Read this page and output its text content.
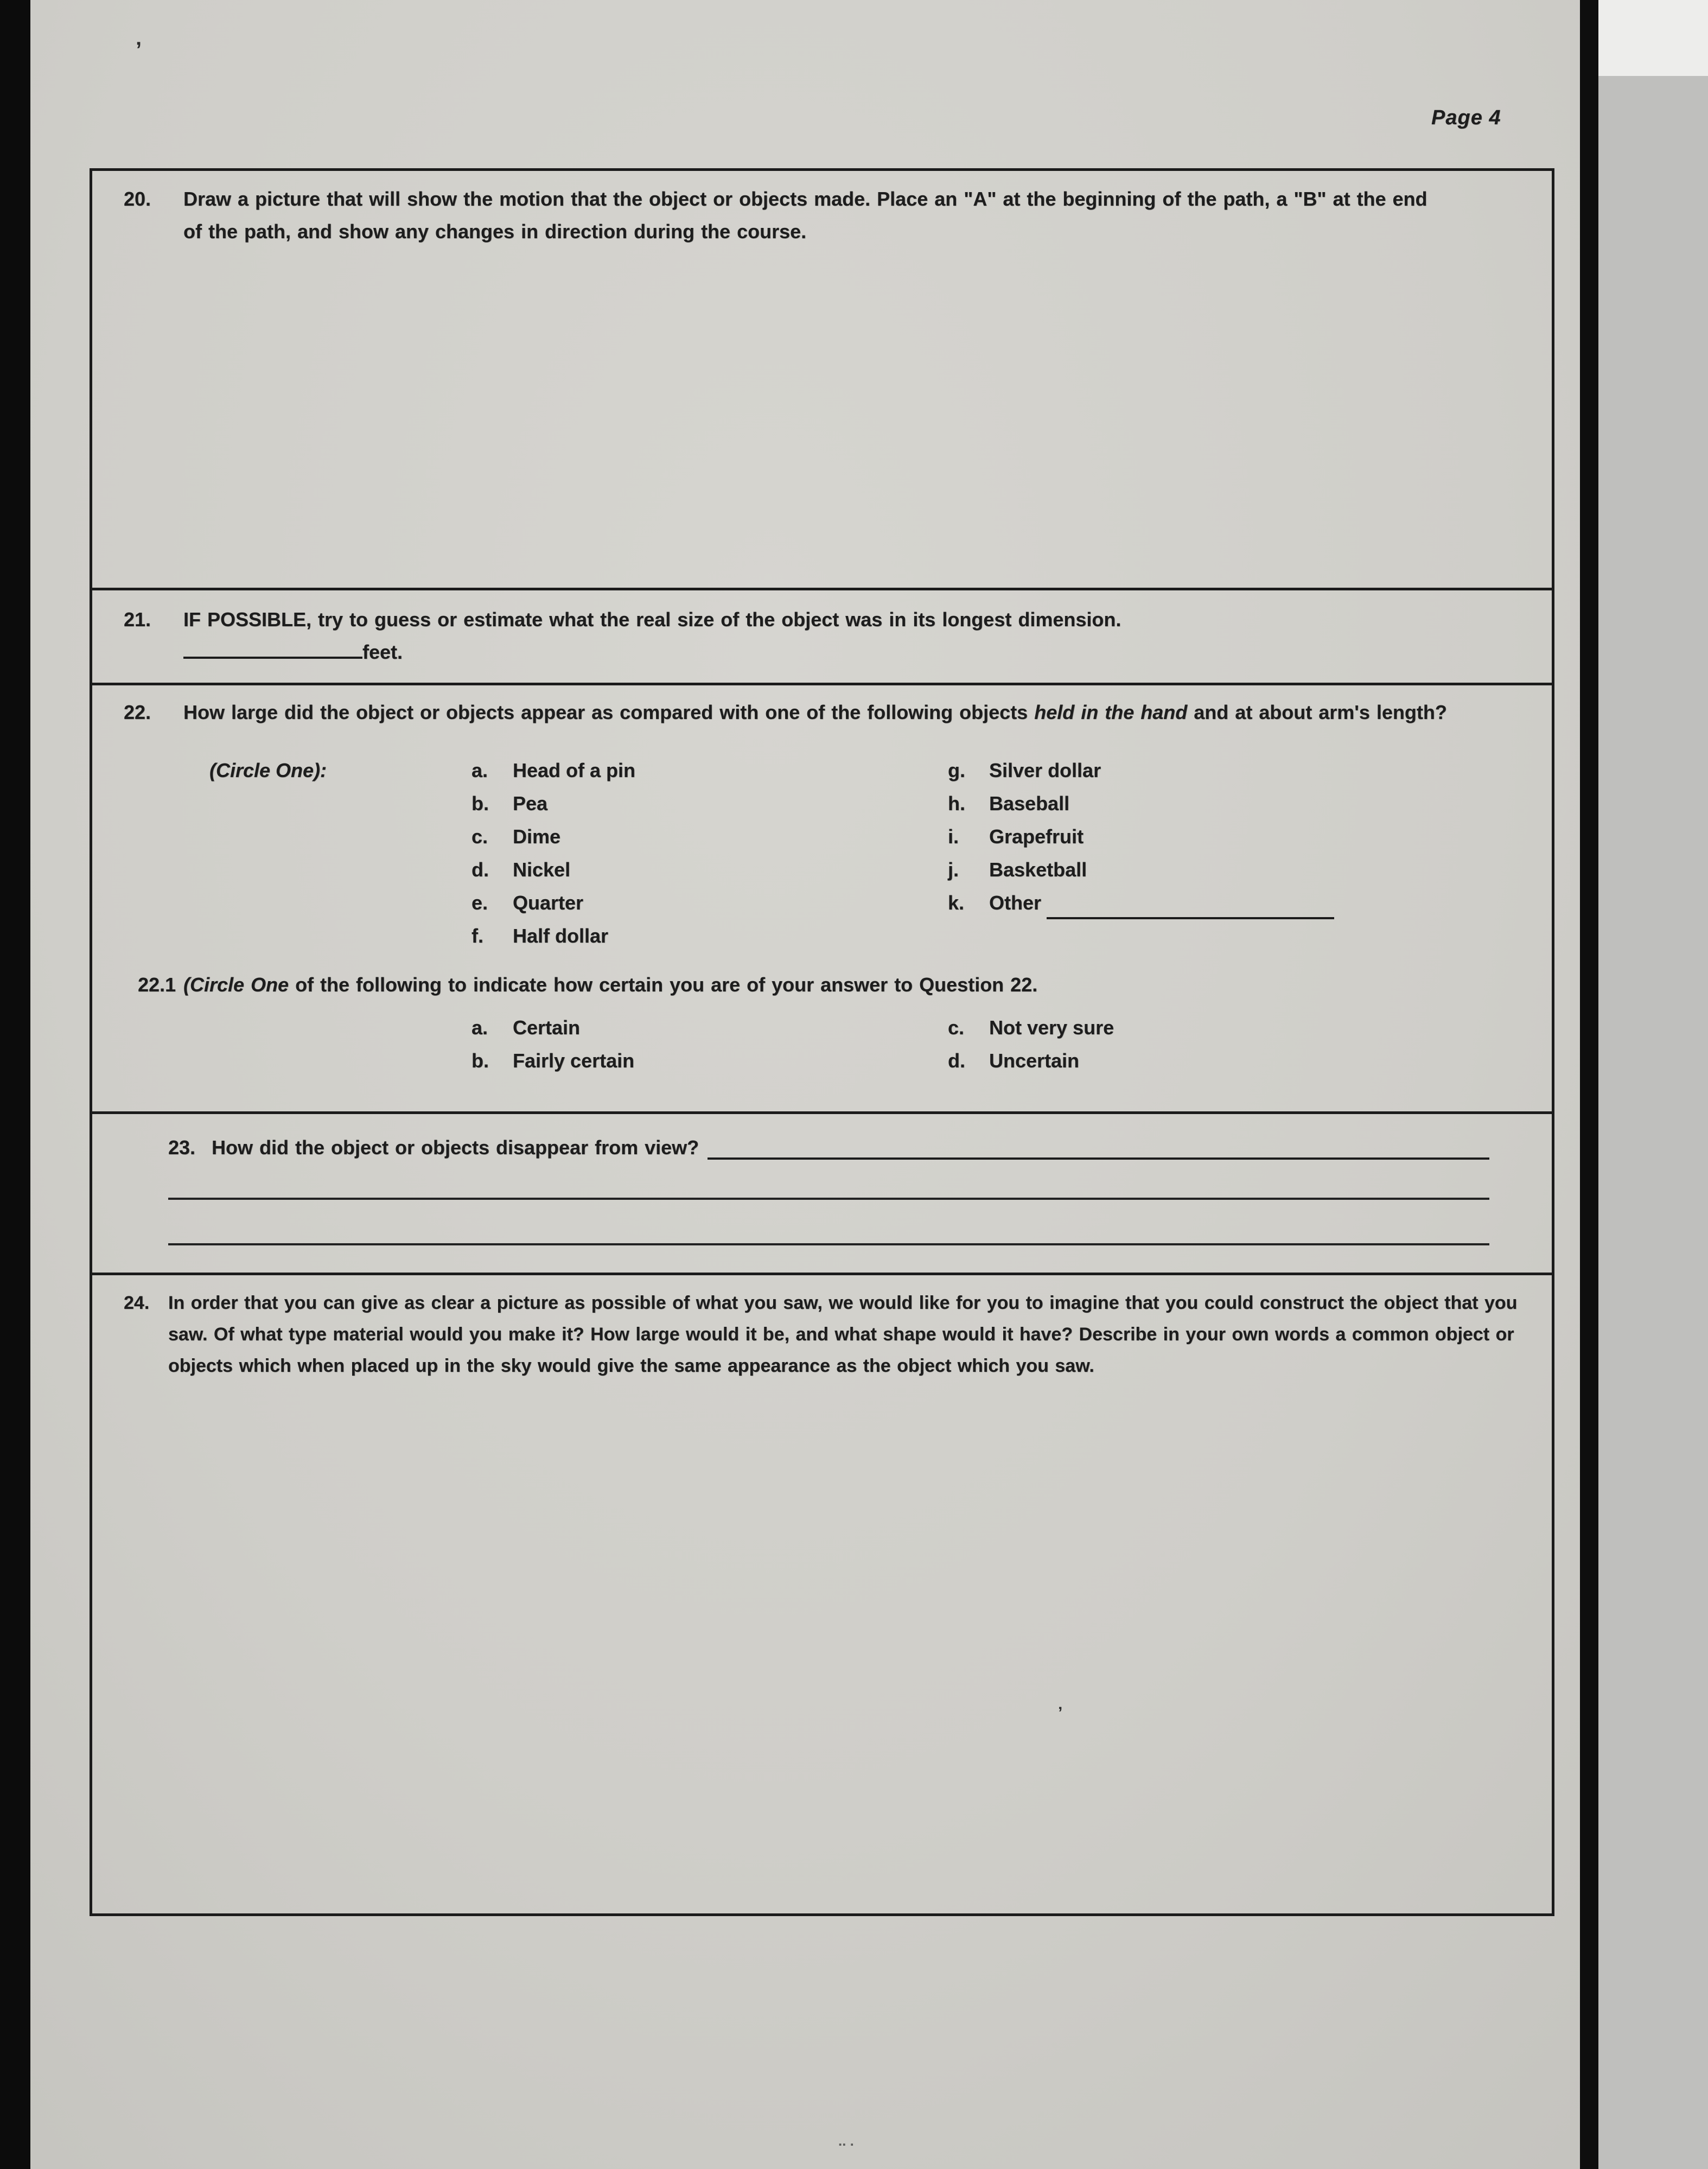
Page 4
20.	Draw a picture that will show the motion that the object or objects made. Place an "A" at the beginning of the path, a "B" at the end of the path, and show any changes in direction during the course.
21.	IF POSSIBLE, try to guess or estimate what the real size of the object was in its longest dimension.
feet.
22.	How large did the object or objects appear as compared with one of the following objects held in the hand and at about arm's length?
(Circle One):	a.	Head of a pin
b.	Pea
c.	Dime
d.	Nickel
e.	Quarter
f.	Half dollar
g.	Silver dollar
h.	Baseball
i.	Grapefruit
j.	Basketball
k.	Other
22.1 (Circle One of the following to indicate how certain you are of your answer to Question 22.
a.	Certain
b.	Fairly certain
c.	Not very sure
d.	Uncertain
23. How did the object or objects disappear from view?
24.	In order that you can give as clear a picture as possible of what you saw, we would like for you to imagine that you could construct the object that you saw. Of what type material would you make it? How large would it be, and what shape would it have? Describe in your own words a common object or objects which when placed up in the sky would give the same appearance as the object which you saw.
’
’
.. .
